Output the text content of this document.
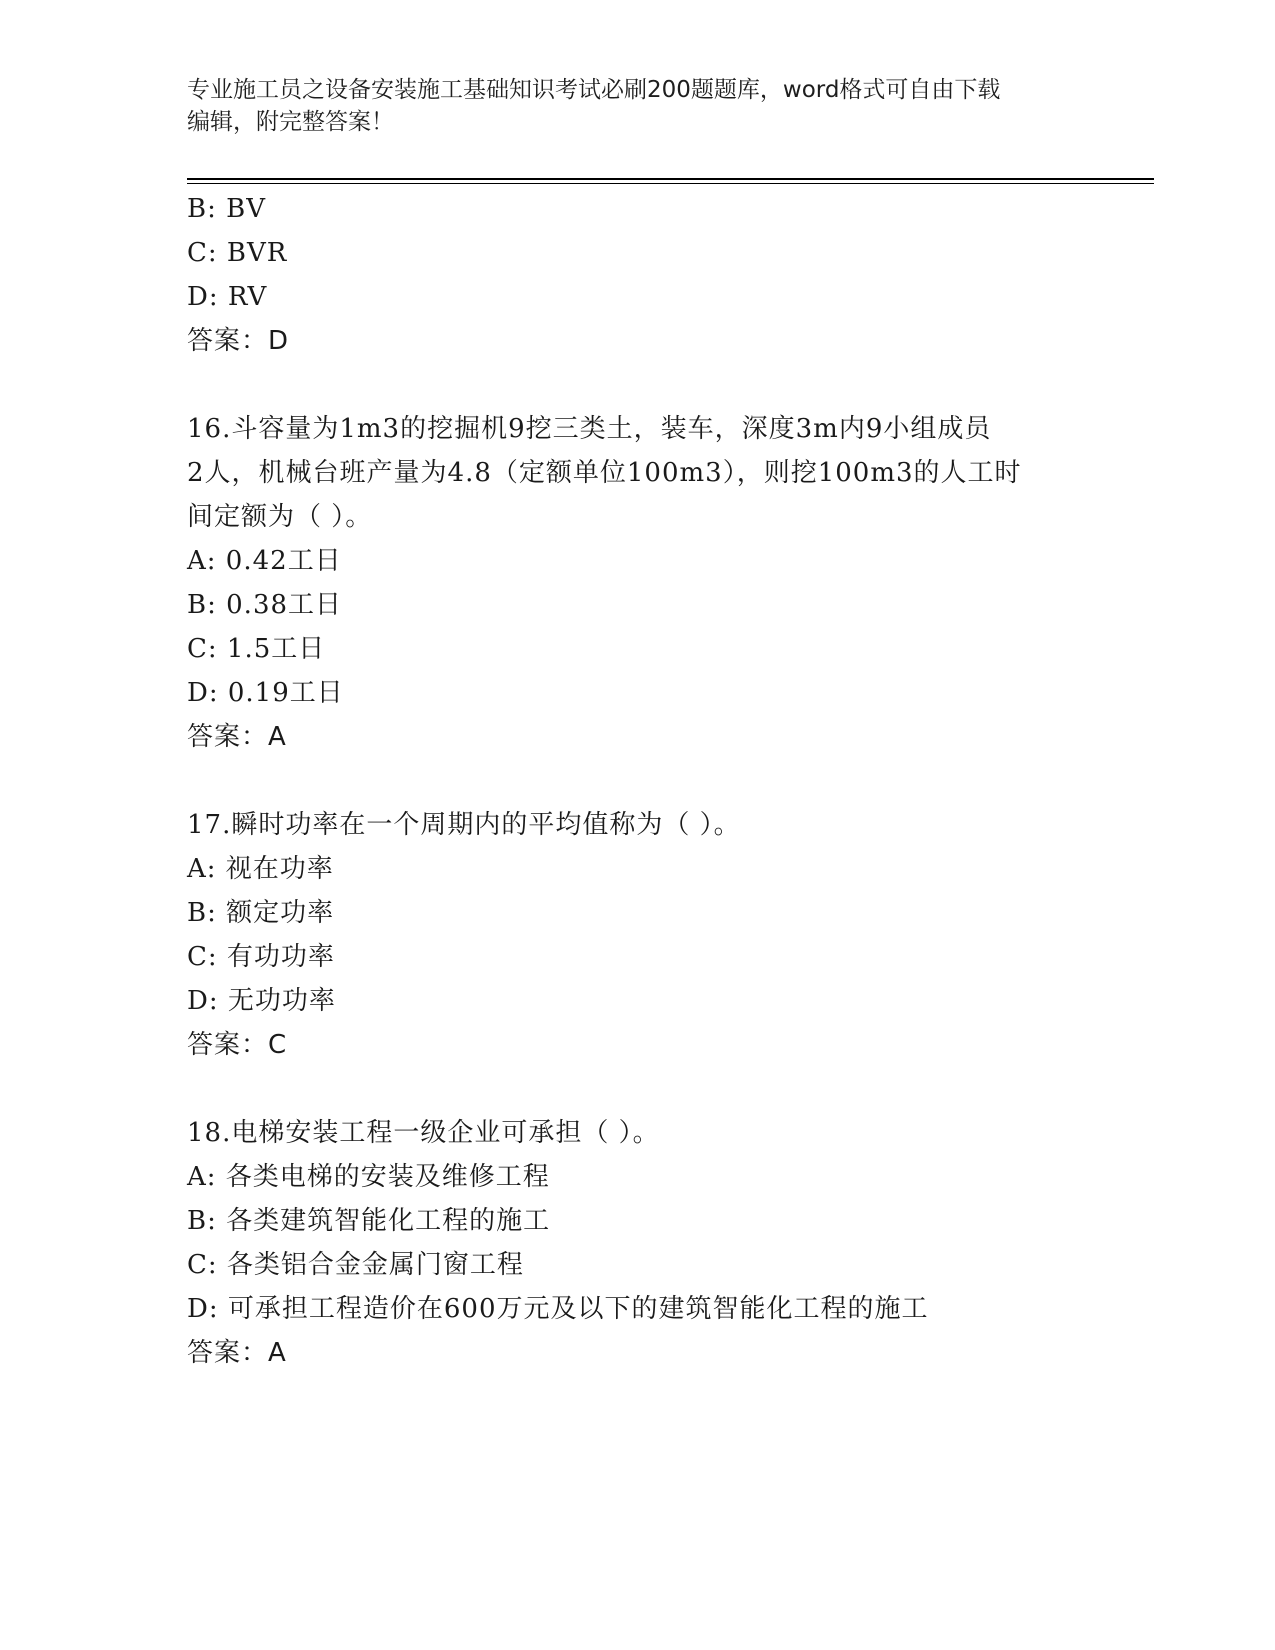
专业施工员之设备安装施工基础知识考试必刷200题题库，word格式可自由下载
编辑，附完整答案！
B: BV
C: BVR
D: RV
答案：D
16.斗容量为1m3的挖掘机9挖三类土，装车，深度3m内9小组成员
2人，机械台班产量为4.8（定额单位100m3），则挖100m3的人工时
间定额为（ ）。
A: 0.42工日
B: 0.38工日
C: 1.5工日
D: 0.19工日
答案：A
17.瞬时功率在一个周期内的平均值称为（ ）。
A: 视在功率
B: 额定功率
C: 有功功率
D: 无功功率
答案：C
18.电梯安装工程一级企业可承担（ ）。
A: 各类电梯的安装及维修工程
B: 各类建筑智能化工程的施工
C: 各类铝合金金属门窗工程
D: 可承担工程造价在600万元及以下的建筑智能化工程的施工
答案：A
